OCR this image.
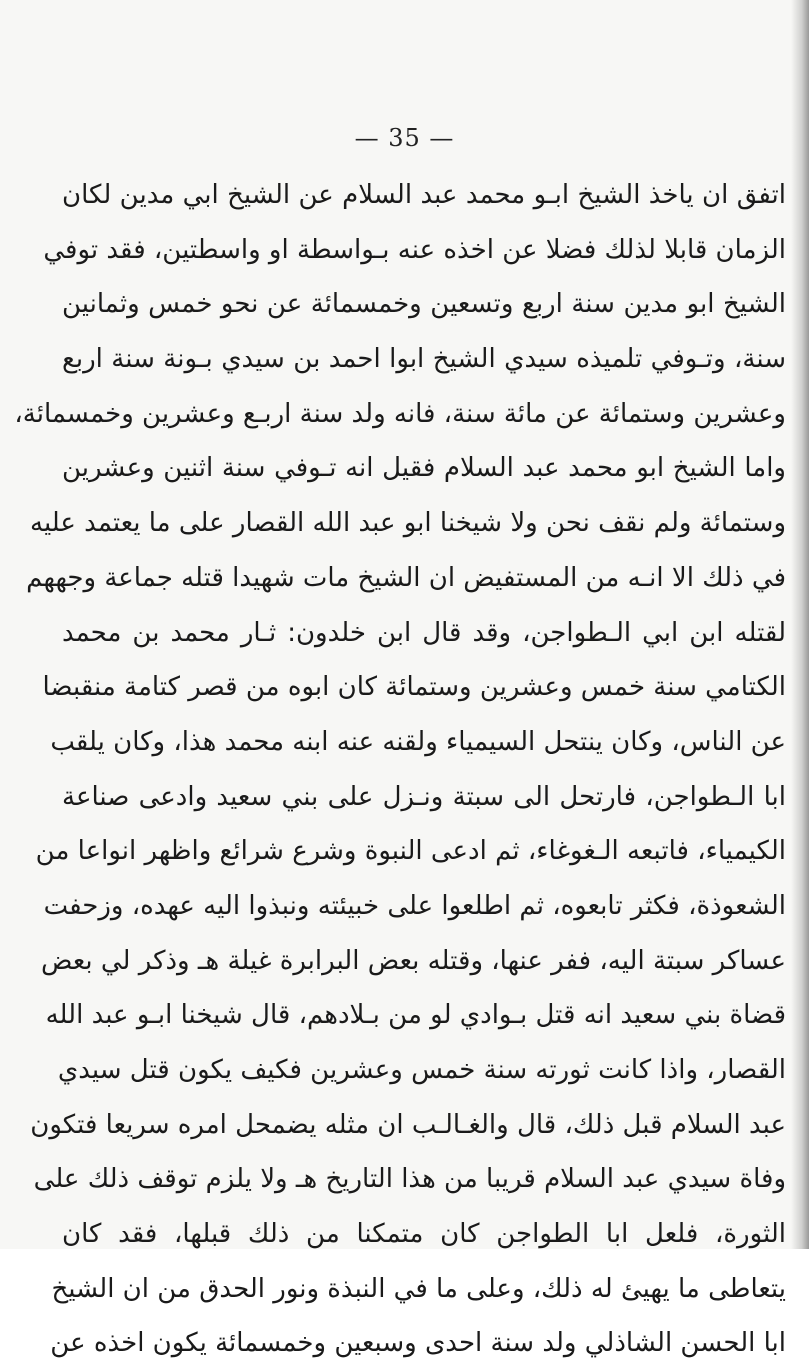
— 35 —
اتفق ان ياخذ الشيخ ابـو محمد عبد السلام عن الشيخ ابي مدين لكان
الزمان قابلا لذلك فضلا عن اخذه عنه بـواسطة او واسطتين، فقد توفي
الشيخ ابو مدين سنة اربع وتسعين وخمسمائة عن نحو خمس وثمانين
سنة، وتـوفي تلميذه سيدي الشيخ ابوا احمد بن سيدي بـونة سنة اربع
وعشرين وستمائة عن مائة سنة، فانه ولد سنة اربـع وعشرين وخمسمائة،
واما الشيخ ابو محمد عبد السلام فقيل انه تـوفي سنة اثنين وعشرين
وستمائة ولم نقف نحن ولا شيخنا ابو عبد الله القصار على ما يعتمد عليه
في ذلك الا انـه من المستفيض ان الشيخ مات شهيدا قتله جماعة وجههم
لقتله ابن ابي الـطواجن، وقد قال ابن خلدون: ثـار محمد بن محمد
الكتامي سنة خمس وعشرين وستمائة كان ابوه من قصر كتامة منقبضا
عن الناس، وكان ينتحل السيمياء ولقنه عنه ابنه محمد هذا، وكان يلقب
ابا الـطواجن، فارتحل الى سبتة ونـزل على بني سعيد وادعى صناعة
الكيمياء، فاتبعه الـغوغاء، ثم ادعى النبوة وشرع شرائع واظهر انواعا من
الشعوذة، فكثر تابعوه، ثم اطلعوا على خبيئته ونبذوا اليه عهده، وزحفت
عساكر سبتة اليه، ففر عنها، وقتله بعض البرابرة غيلة هـ وذكر لي بعض
قضاة بني سعيد انه قتل بـوادي لو من بـلادهم، قال شيخنا ابـو عبد الله
القصار، واذا كانت ثورته سنة خمس وعشرين فكيف يكون قتل سيدي
عبد السلام قبل ذلك، قال والغـالـب ان مثله يضمحل امره سريعا فتكون
وفاة سيدي عبد السلام قريبا من هذا التاريخ هـ ولا يلزم توقف ذلك على
الثورة، فلعل ابا الطواجن كان متمكنا من ذلك قبلها، فقد كان
يتعاطى ما يهيئ له ذلك، وعلى ما في النبذة ونور الحدق من ان الشيخ
ابا الحسن الشاذلي ولد سنة احدى وسبعين وخمسمائة يكون اخذه عن
